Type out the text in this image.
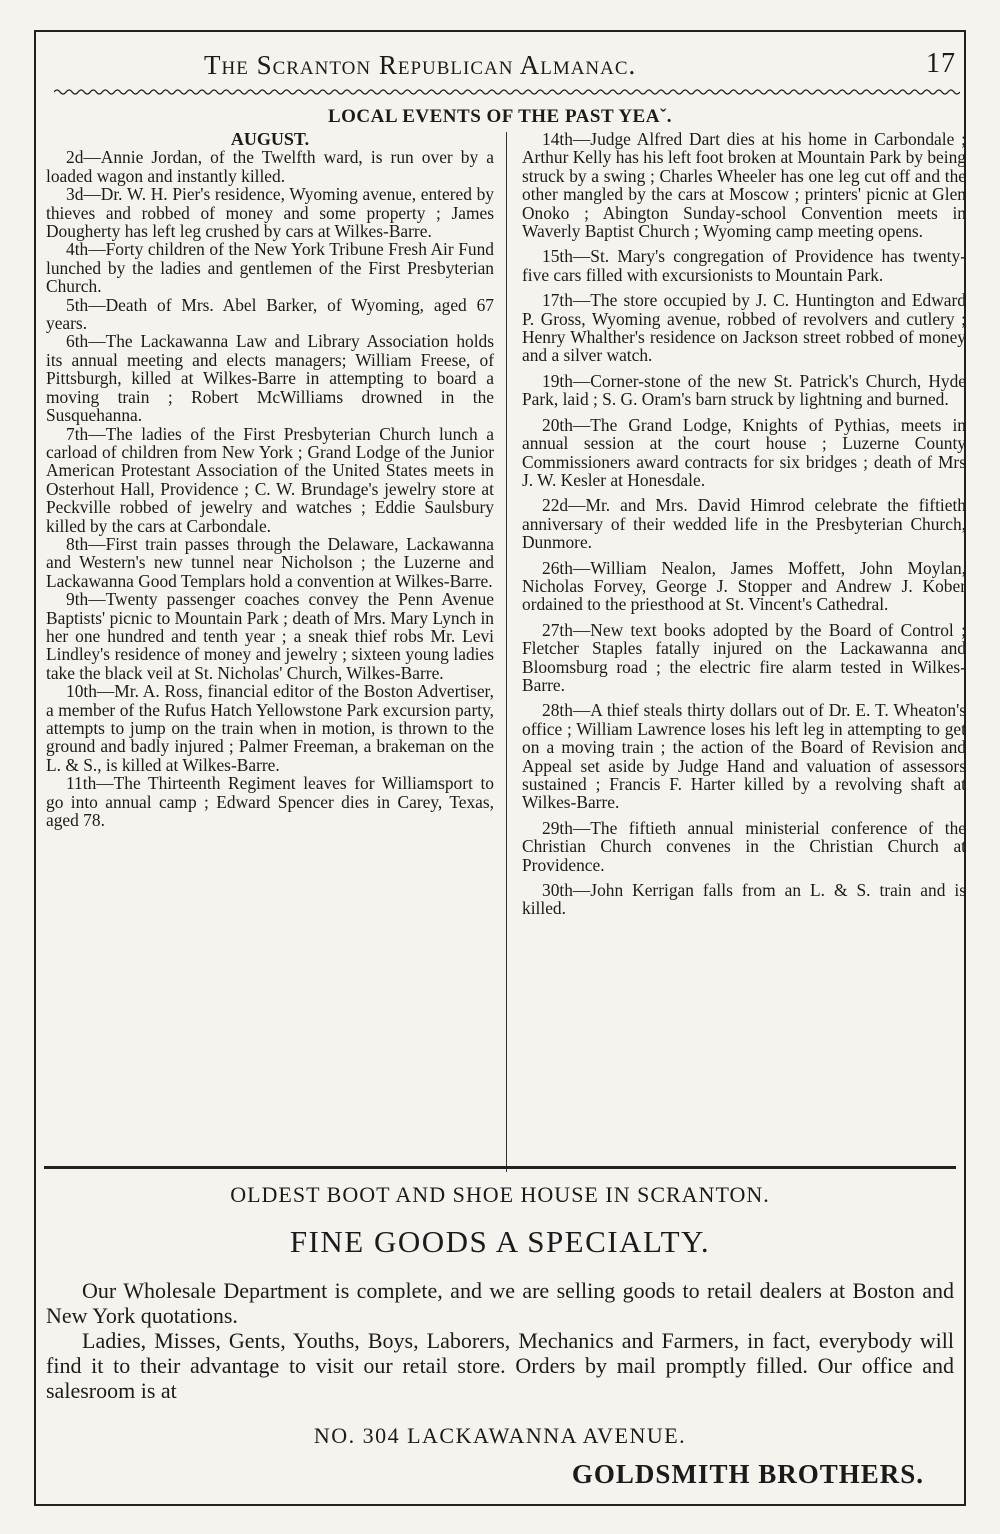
The Scranton Republican Almanac.	17
LOCAL EVENTS OF THE PAST YEAˇ.

AUGUST.

2d—Annie Jordan, of the Twelfth ward, is run over by a loaded wagon and instantly killed.

3d—Dr. W. H. Pier's residence, Wyoming avenue, entered by thieves and robbed of money and some property ; James Dougherty has left leg crushed by cars at Wilkes-Barre.

4th—Forty children of the New York Tribune Fresh Air Fund lunched by the ladies and gentlemen of the First Presbyterian Church.

5th—Death of Mrs. Abel Barker, of Wyoming, aged 67 years.

6th—The Lackawanna Law and Library Association holds its annual meeting and elects managers; William Freese, of Pittsburgh, killed at Wilkes-Barre in attempting to board a moving train ; Robert McWilliams drowned in the Susquehanna.

7th—The ladies of the First Presbyterian Church lunch a carload of children from New York ; Grand Lodge of the Junior American Protestant Association of the United States meets in Osterhout Hall, Providence ; C. W. Brundage's jewelry store at Peckville robbed of jewelry and watches ; Eddie Saulsbury killed by the cars at Carbondale.

8th—First train passes through the Delaware, Lackawanna and Western's new tunnel near Nicholson ; the Luzerne and Lackawanna Good Templars hold a convention at Wilkes-Barre.

9th—Twenty passenger coaches convey the Penn Avenue Baptists' picnic to Mountain Park ; death of Mrs. Mary Lynch in her one hundred and tenth year ; a sneak thief robs Mr. Levi Lindley's residence of money and jewelry ; sixteen young ladies take the black veil at St. Nicholas' Church, Wilkes-Barre.

10th—Mr. A. Ross, financial editor of the Boston Advertiser, a member of the Rufus Hatch Yellowstone Park excursion party, attempts to jump on the train when in motion, is thrown to the ground and badly injured ; Palmer Freeman, a brakeman on the L. & S., is killed at Wilkes-Barre.

11th—The Thirteenth Regiment leaves for Williamsport to go into annual camp ; Edward Spencer dies in Carey, Texas, aged 78.

14th—Judge Alfred Dart dies at his home in Carbondale ; Arthur Kelly has his left foot broken at Mountain Park by being struck by a swing ; Charles Wheeler has one leg cut off and the other mangled by the cars at Moscow ; printers' picnic at Glen Onoko ; Abington Sunday-school Convention meets in Waverly Baptist Church ; Wyoming camp meeting opens.

15th—St. Mary's congregation of Providence has twenty-five cars filled with excursionists to Mountain Park.

17th—The store occupied by J. C. Huntington and Edward P. Gross, Wyoming avenue, robbed of revolvers and cutlery ; Henry Whalther's residence on Jackson street robbed of money and a silver watch.

19th—Corner-stone of the new St. Patrick's Church, Hyde Park, laid ; S. G. Oram's barn struck by lightning and burned.

20th—The Grand Lodge, Knights of Pythias, meets in annual session at the court house ; Luzerne County Commissioners award contracts for six bridges ; death of Mrs J. W. Kesler at Honesdale.

22d—Mr. and Mrs. David Himrod celebrate the fiftieth anniversary of their wedded life in the Presbyterian Church, Dunmore.

26th—William Nealon, James Moffett, John Moylan, Nicholas Forvey, George J. Stopper and Andrew J. Kober ordained to the priesthood at St. Vincent's Cathedral.

27th—New text books adopted by the Board of Control ; Fletcher Staples fatally injured on the Lackawanna and Bloomsburg road ; the electric fire alarm tested in Wilkes-Barre.

28th—A thief steals thirty dollars out of Dr. E. T. Wheaton's office ; William Lawrence loses his left leg in attempting to get on a moving train ; the action of the Board of Revision and Appeal set aside by Judge Hand and valuation of assessors sustained ; Francis F. Harter killed by a revolving shaft at Wilkes-Barre.

29th—The fiftieth annual ministerial conference of the Christian Church convenes in the Christian Church at Providence.

30th—John Kerrigan falls from an L. & S. train and is killed.

OLDEST BOOT AND SHOE HOUSE IN SCRANTON.

FINE GOODS A SPECIALTY.

Our Wholesale Department is complete, and we are selling goods to retail dealers at Boston and New York quotations.

Ladies, Misses, Gents, Youths, Boys, Laborers, Mechanics and Farmers, in fact, everybody will find it to their advantage to visit our retail store. Orders by mail promptly filled. Our office and salesroom is at

NO. 304 LACKAWANNA AVENUE.

GOLDSMITH BROTHERS.
